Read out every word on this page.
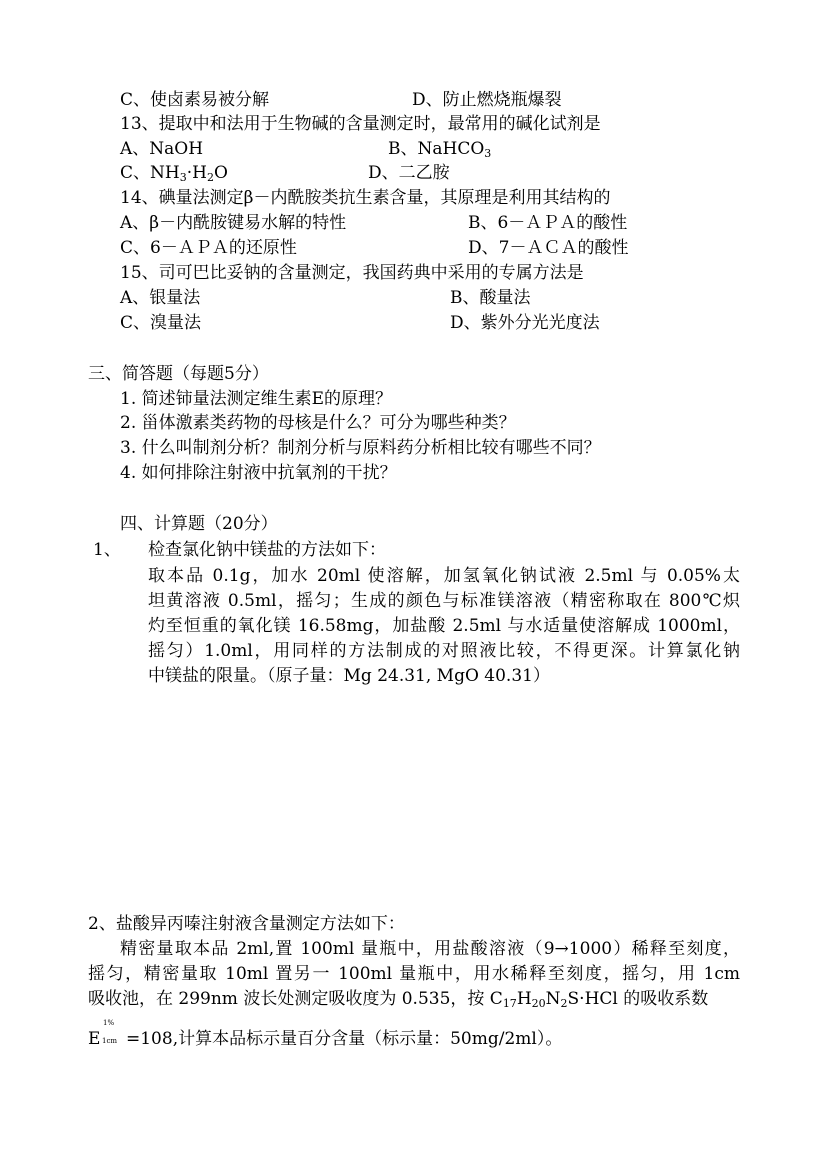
C、使卤素易被分解	D、防止燃烧瓶爆裂
13、提取中和法用于生物碱的含量测定时，最常用的碱化试剂是
A、NaOH	B、NaHCO$_3$
C、$NH_3\cdot H_2O$	D、二乙胺
14、碘量法测定β－内酰胺类抗生素含量，其原理是利用其结构的
A、β－内酰胺键易水解的特性	B、6－ＡＰＡ的酸性
C、6－ＡＰＡ的还原性	D、7－ＡＣＡ的酸性
15、司可巴比妥钠的含量测定，我国药典中采用的专属方法是
A、银量法	B、酸量法
C、溴量法	D、紫外分光光度法
三、简答题（每题5分）
1. 简述铈量法测定维生素E的原理？
2. 甾体激素类药物的母核是什么？可分为哪些种类？
3. 什么叫制剂分析？制剂分析与原料药分析相比较有哪些不同？
4. 如何排除注射液中抗氧剂的干扰？
四、计算题（20分）
1、 检查氯化钠中镁盐的方法如下：
取本品 0.1g，加水 20ml 使溶解，加氢氧化钠试液 2.5ml 与 0.05%太
坦黄溶液 0.5ml，摇匀；生成的颜色与标准镁溶液（精密称取在 800℃炽
灼至恒重的氧化镁 16.58mg，加盐酸 2.5ml 与水适量使溶解成 1000ml，
摇匀）1.0ml，用同样的方法制成的对照液比较，不得更深。计算氯化钠
中镁盐的限量。（原子量：Mg 24.31, MgO 40.31）
2、盐酸异丙嗪注射液含量测定方法如下：
精密量取本品 2ml,置 100ml 量瓶中，用盐酸溶液（9→1000）稀释至刻度，
摇匀，精密量取 10ml 置另一 100ml 量瓶中，用水稀释至刻度，摇匀，用 1cm
吸收池，在 299nm 波长处测定吸收度为 0.535，按 $C_{17}H_{20}N_2S\cdot HCl$ 的吸收系数
1%
E 1cm =108,计算本品标示量百分含量（标示量：50mg/2ml）。
